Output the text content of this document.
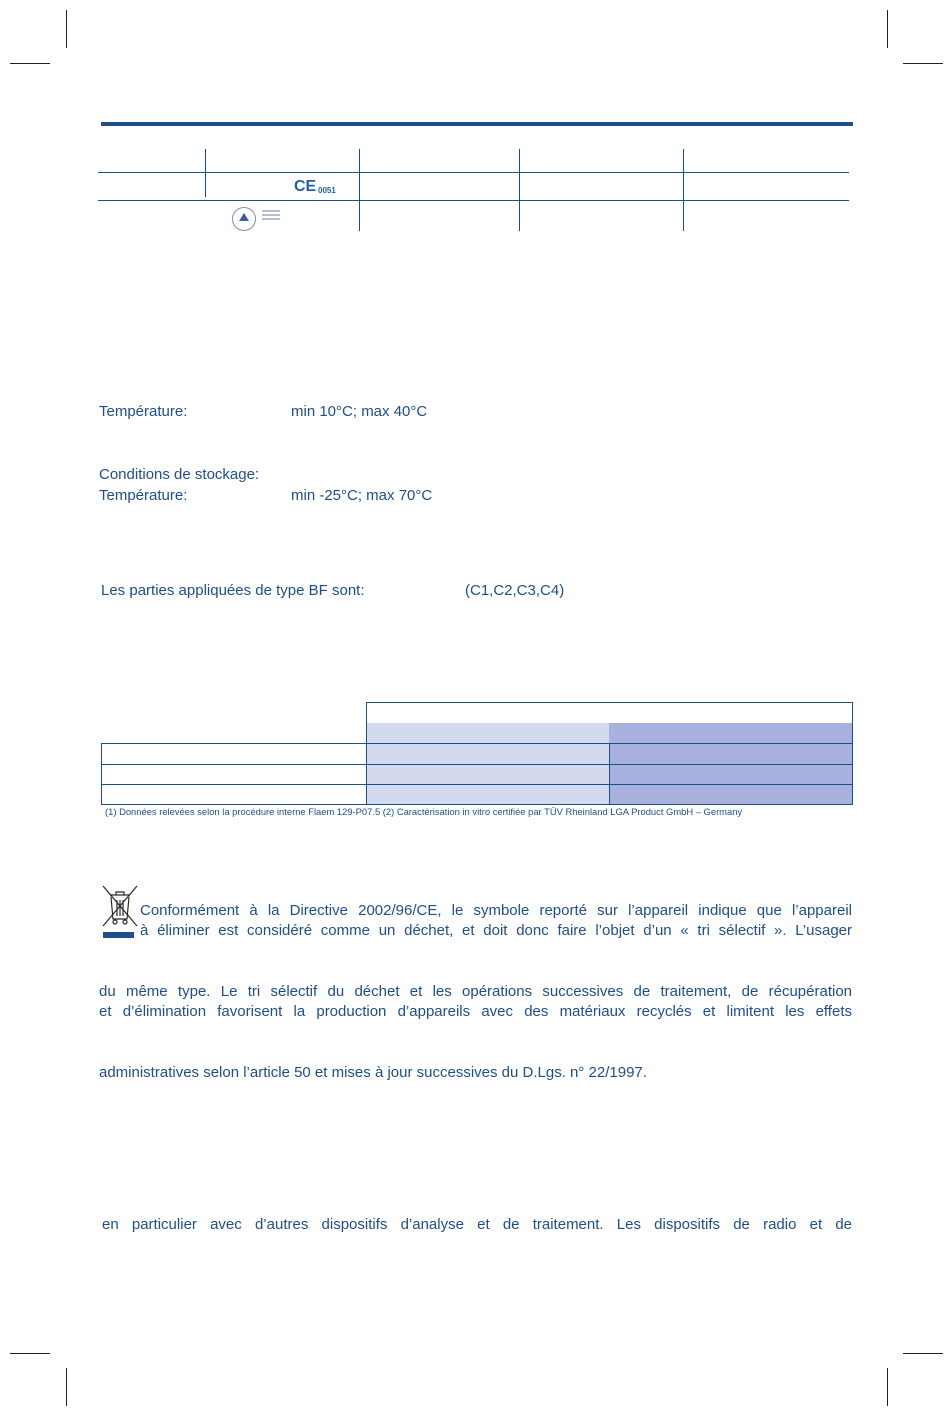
CE 0051
Température:	min 10°C; max 40°C
Conditions de stockage:
Température:	min -25°C; max 70°C
Les parties appliquées de type BF sont:	(C1,C2,C3,C4)
(1) Données relevées selon la procédure interne Flaem 129-P07.5 (2) Caractérisation in vitro certifiée par TÜV Rheinland LGA Product GmbH – Germany
Conformément à la Directive 2002/96/CE, le symbole reporté sur l’appareil indique que l’appareil
à éliminer est considéré comme un déchet, et doit donc faire l’objet d’un « tri sélectif ». L’usager
du même type. Le tri sélectif du déchet et les opérations successives de traitement, de récupération
et d’élimination favorisent la production d’appareils avec des matériaux recyclés et limitent les effets
administratives selon l’article 50 et mises à jour successives du D.Lgs. n° 22/1997.
en particulier avec d’autres dispositifs d’analyse et de traitement. Les dispositifs de radio et de
